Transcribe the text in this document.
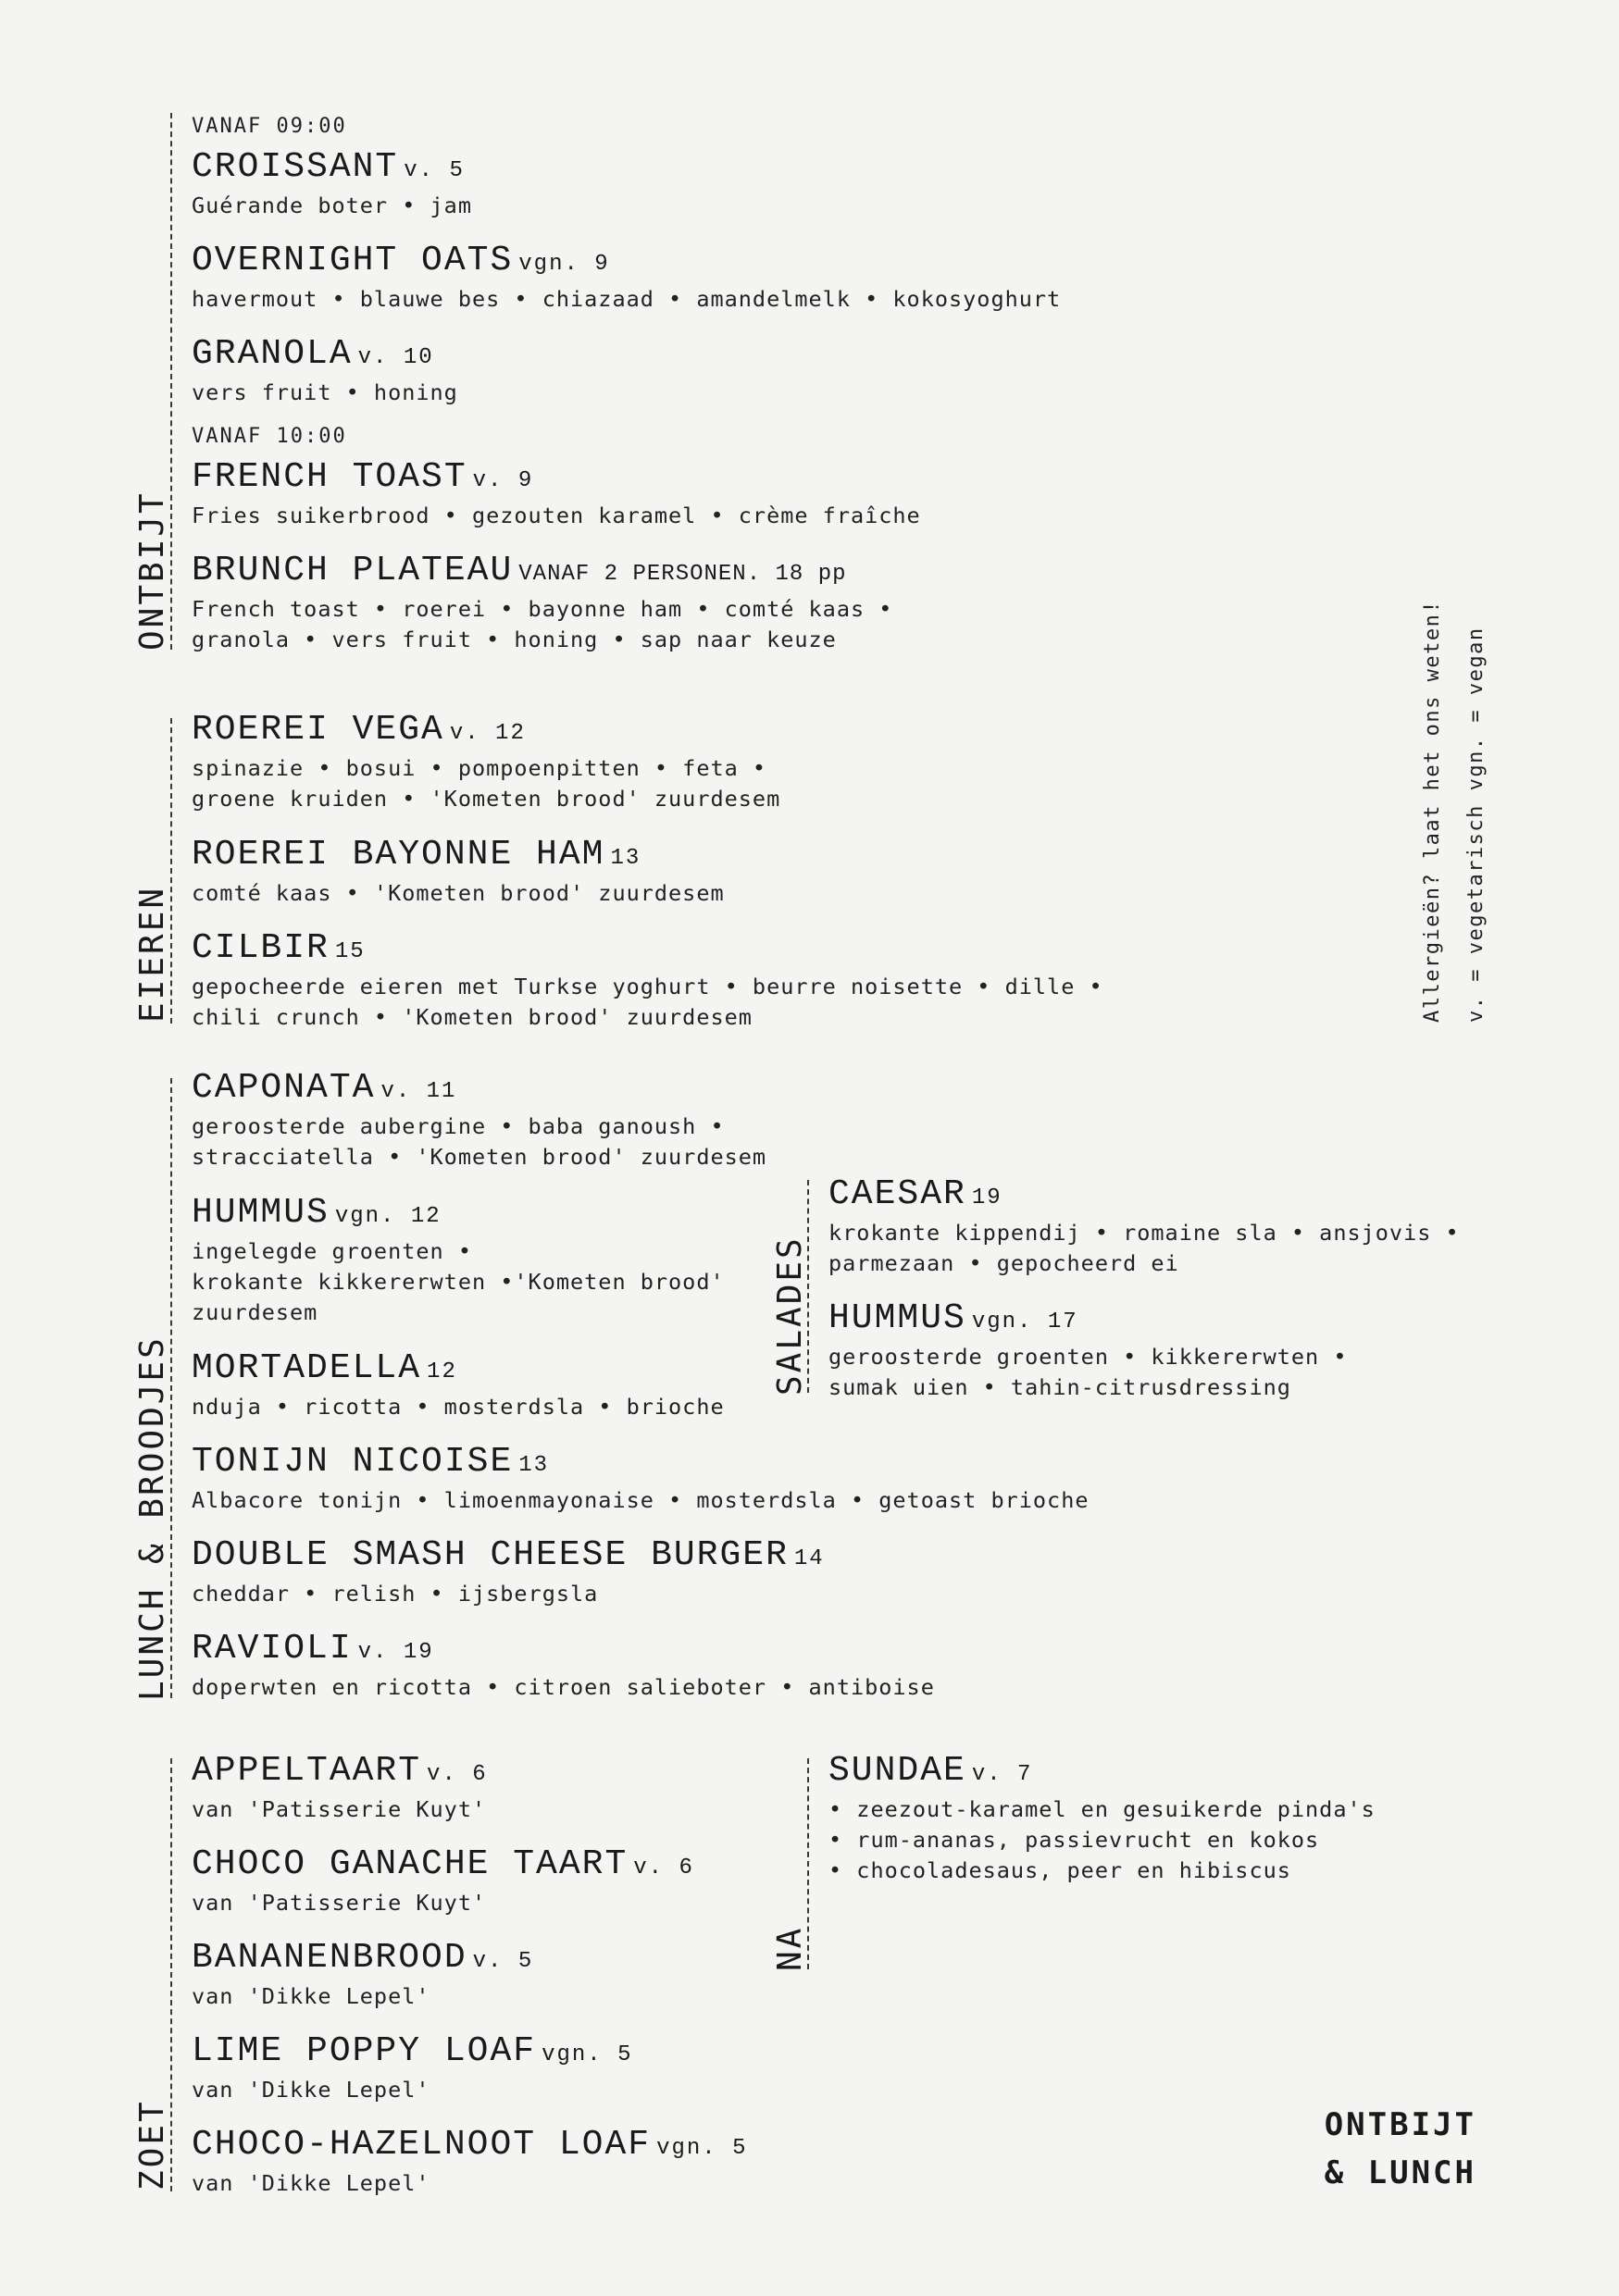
ONTBIJT
VANAF 09:00
CROISSANT v. 5
Guérande boter • jam
OVERNIGHT OATS vgn. 9
havermout • blauwe bes • chiazaad • amandelmelk • kokosyoghurt
GRANOLA v. 10
vers fruit • honing
VANAF 10:00
FRENCH TOAST v. 9
Fries suikerbrood • gezouten karamel • crème fraîche
BRUNCH PLATEAU VANAF 2 PERSONEN. 18 pp
French toast • roerei • bayonne ham • comté kaas •
granola • vers fruit • honing • sap naar keuze
EIEREN
ROEREI VEGA v. 12
spinazie • bosui • pompoenpitten • feta •
groene kruiden • 'Kometen brood' zuurdesem
ROEREI BAYONNE HAM 13
comté kaas • 'Kometen brood' zuurdesem
CILBIR 15
gepocheerde eieren met Turkse yoghurt • beurre noisette • dille •
chili crunch • 'Kometen brood' zuurdesem
LUNCH & BROODJES
CAPONATA v. 11
geroosterde aubergine • baba ganoush •
stracciatella • 'Kometen brood' zuurdesem
HUMMUS vgn. 12
ingelegde groenten •
krokante kikkererwten •'Kometen brood'
zuurdesem
MORTADELLA 12
nduja • ricotta • mosterdsla • brioche
TONIJN NICOISE 13
Albacore tonijn • limoenmayonaise • mosterdsla • getoast brioche
DOUBLE SMASH CHEESE BURGER 14
cheddar • relish • ijsbergsla
RAVIOLI v. 19
doperwten en ricotta • citroen salieboter • antiboise
SALADES
CAESAR 19
krokante kippendij • romaine sla • ansjovis •
parmezaan • gepocheerd ei
HUMMUS vgn. 17
geroosterde groenten • kikkererwten •
sumak uien • tahin-citrusdressing
ZOET
APPELTAART v. 6
van 'Patisserie Kuyt'
CHOCO GANACHE TAART v. 6
van 'Patisserie Kuyt'
BANANENBROOD v. 5
van 'Dikke Lepel'
LIME POPPY LOAF vgn. 5
van 'Dikke Lepel'
CHOCO-HAZELNOOT LOAF vgn. 5
van 'Dikke Lepel'
NA
SUNDAE v. 7
• zeezout-karamel en gesuikerde pinda's
• rum-ananas, passievrucht en kokos
• chocoladesaus, peer en hibiscus
Allergieën? laat het ons weten! v. = vegetarisch vgn. = vegan
ONTBIJT
& LUNCH
